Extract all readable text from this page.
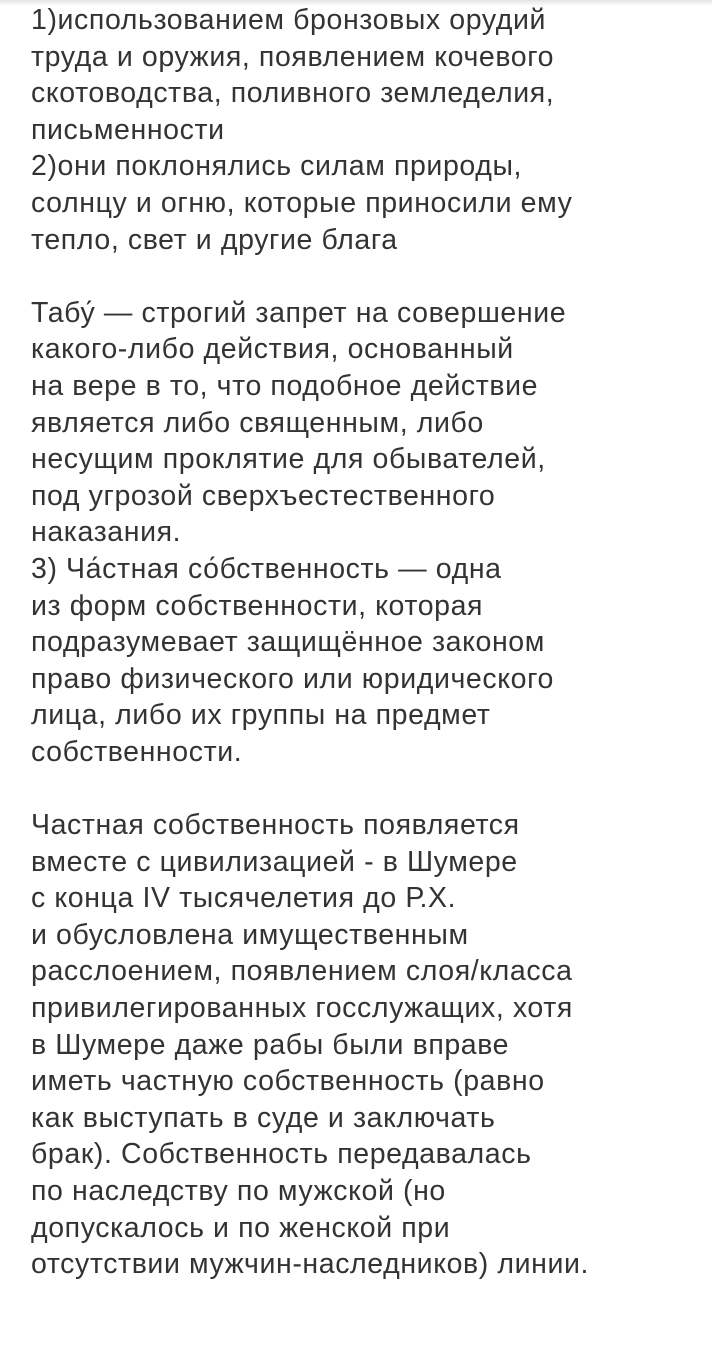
1)использованием бронзовых орудий
труда и оружия, появлением кочевого
скотоводства, поливного земледелия,
письменности
2)они поклонялись силам природы,
солнцу и огню, которые приносили ему
тепло, свет и другие блага
Табу́ — строгий запрет на совершение
какого-либо действия, основанный
на вере в то, что подобное действие
является либо священным, либо
несущим проклятие для обывателей,
под угрозой сверхъестественного
наказания.
3) Ча́стная со́бственность — одна
из форм собственности, которая
подразумевает защищённое законом
право физического или юридического
лица, либо их группы на предмет
собственности.
Частная собственность появляется
вместе с цивилизацией - в Шумере
с конца IV тысячелетия до Р.Х.
и обусловлена имущественным
расслоением, появлением слоя/класса
привилегированных госслужащих, хотя
в Шумере даже рабы были вправе
иметь частную собственность (равно
как выступать в суде и заключать
брак). Собственность передавалась
по наследству по мужской (но
допускалось и по женской при
отсутствии мужчин-наследников) линии.
